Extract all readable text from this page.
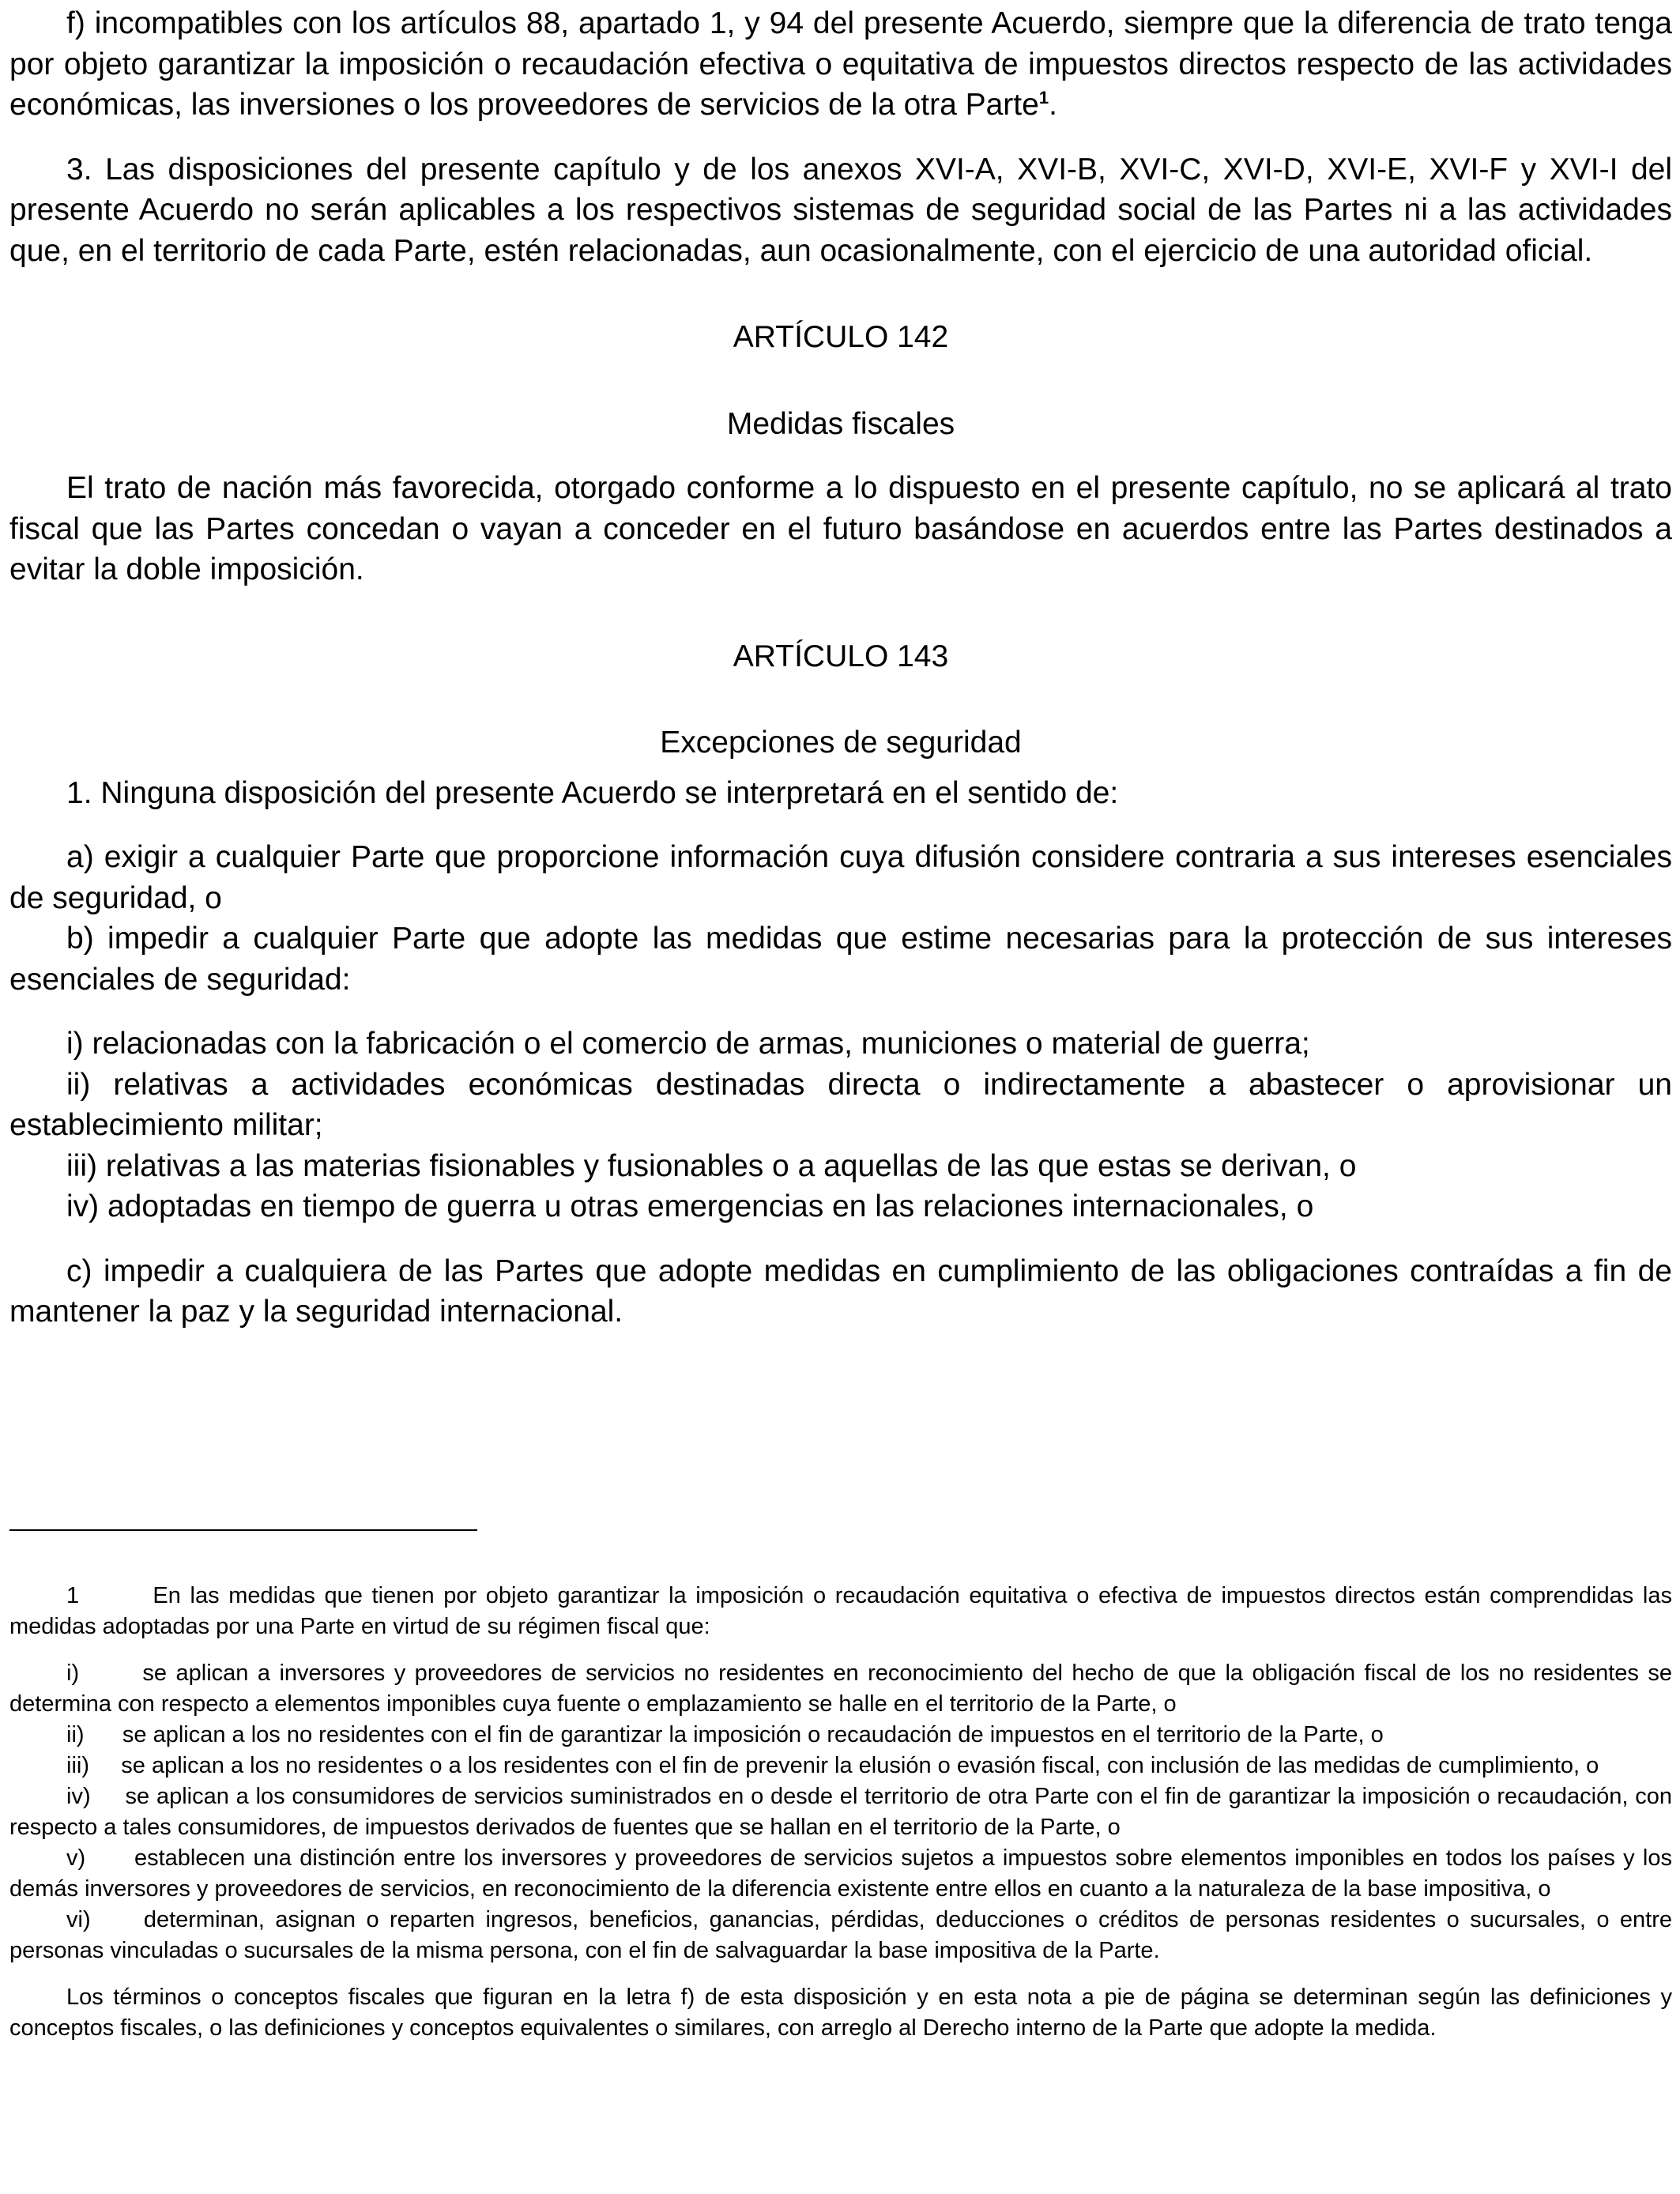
f) incompatibles con los artículos 88, apartado 1, y 94 del presente Acuerdo, siempre que la diferencia de trato tenga por objeto garantizar la imposición o recaudación efectiva o equitativa de impuestos directos respecto de las actividades económicas, las inversiones o los proveedores de servicios de la otra Parte$^1$.

3. Las disposiciones del presente capítulo y de los anexos XVI-A, XVI-B, XVI-C, XVI-D, XVI-E, XVI-F y XVI-I del presente Acuerdo no serán aplicables a los respectivos sistemas de seguridad social de las Partes ni a las actividades que, en el territorio de cada Parte, estén relacionadas, aun ocasionalmente, con el ejercicio de una autoridad oficial.

ARTÍCULO 142

Medidas fiscales

El trato de nación más favorecida, otorgado conforme a lo dispuesto en el presente capítulo, no se aplicará al trato fiscal que las Partes concedan o vayan a conceder en el futuro basándose en acuerdos entre las Partes destinados a evitar la doble imposición.

ARTÍCULO 143

Excepciones de seguridad

1. Ninguna disposición del presente Acuerdo se interpretará en el sentido de:

a) exigir a cualquier Parte que proporcione información cuya difusión considere contraria a sus intereses esenciales de seguridad, o

b) impedir a cualquier Parte que adopte las medidas que estime necesarias para la protección de sus intereses esenciales de seguridad:

i) relacionadas con la fabricación o el comercio de armas, municiones o material de guerra;

ii) relativas a actividades económicas destinadas directa o indirectamente a abastecer o aprovisionar un establecimiento militar;

iii) relativas a las materias fisionables y fusionables o a aquellas de las que estas se derivan, o

iv) adoptadas en tiempo de guerra u otras emergencias en las relaciones internacionales, o

c) impedir a cualquiera de las Partes que adopte medidas en cumplimiento de las obligaciones contraídas a fin de mantener la paz y la seguridad internacional.

1	En las medidas que tienen por objeto garantizar la imposición o recaudación equitativa o efectiva de impuestos directos están comprendidas las medidas adoptadas por una Parte en virtud de su régimen fiscal que:

i)	se aplican a inversores y proveedores de servicios no residentes en reconocimiento del hecho de que la obligación fiscal de los no residentes se determina con respecto a elementos imponibles cuya fuente o emplazamiento se halle en el territorio de la Parte, o

ii) se aplican a los no residentes con el fin de garantizar la imposición o recaudación de impuestos en el territorio de la Parte, o

iii) se aplican a los no residentes o a los residentes con el fin de prevenir la elusión o evasión fiscal, con inclusión de las medidas de cumplimiento, o

iv) se aplican a los consumidores de servicios suministrados en o desde el territorio de otra Parte con el fin de garantizar la imposición o recaudación, con respecto a tales consumidores, de impuestos derivados de fuentes que se hallan en el territorio de la Parte, o

v) establecen una distinción entre los inversores y proveedores de servicios sujetos a impuestos sobre elementos imponibles en todos los países y los demás inversores y proveedores de servicios, en reconocimiento de la diferencia existente entre ellos en cuanto a la naturaleza de la base impositiva, o

vi) determinan, asignan o reparten ingresos, beneficios, ganancias, pérdidas, deducciones o créditos de personas residentes o sucursales, o entre personas vinculadas o sucursales de la misma persona, con el fin de salvaguardar la base impositiva de la Parte.

Los términos o conceptos fiscales que figuran en la letra f) de esta disposición y en esta nota a pie de página se determinan según las definiciones y conceptos fiscales, o las definiciones y conceptos equivalentes o similares, con arreglo al Derecho interno de la Parte que adopte la medida.
